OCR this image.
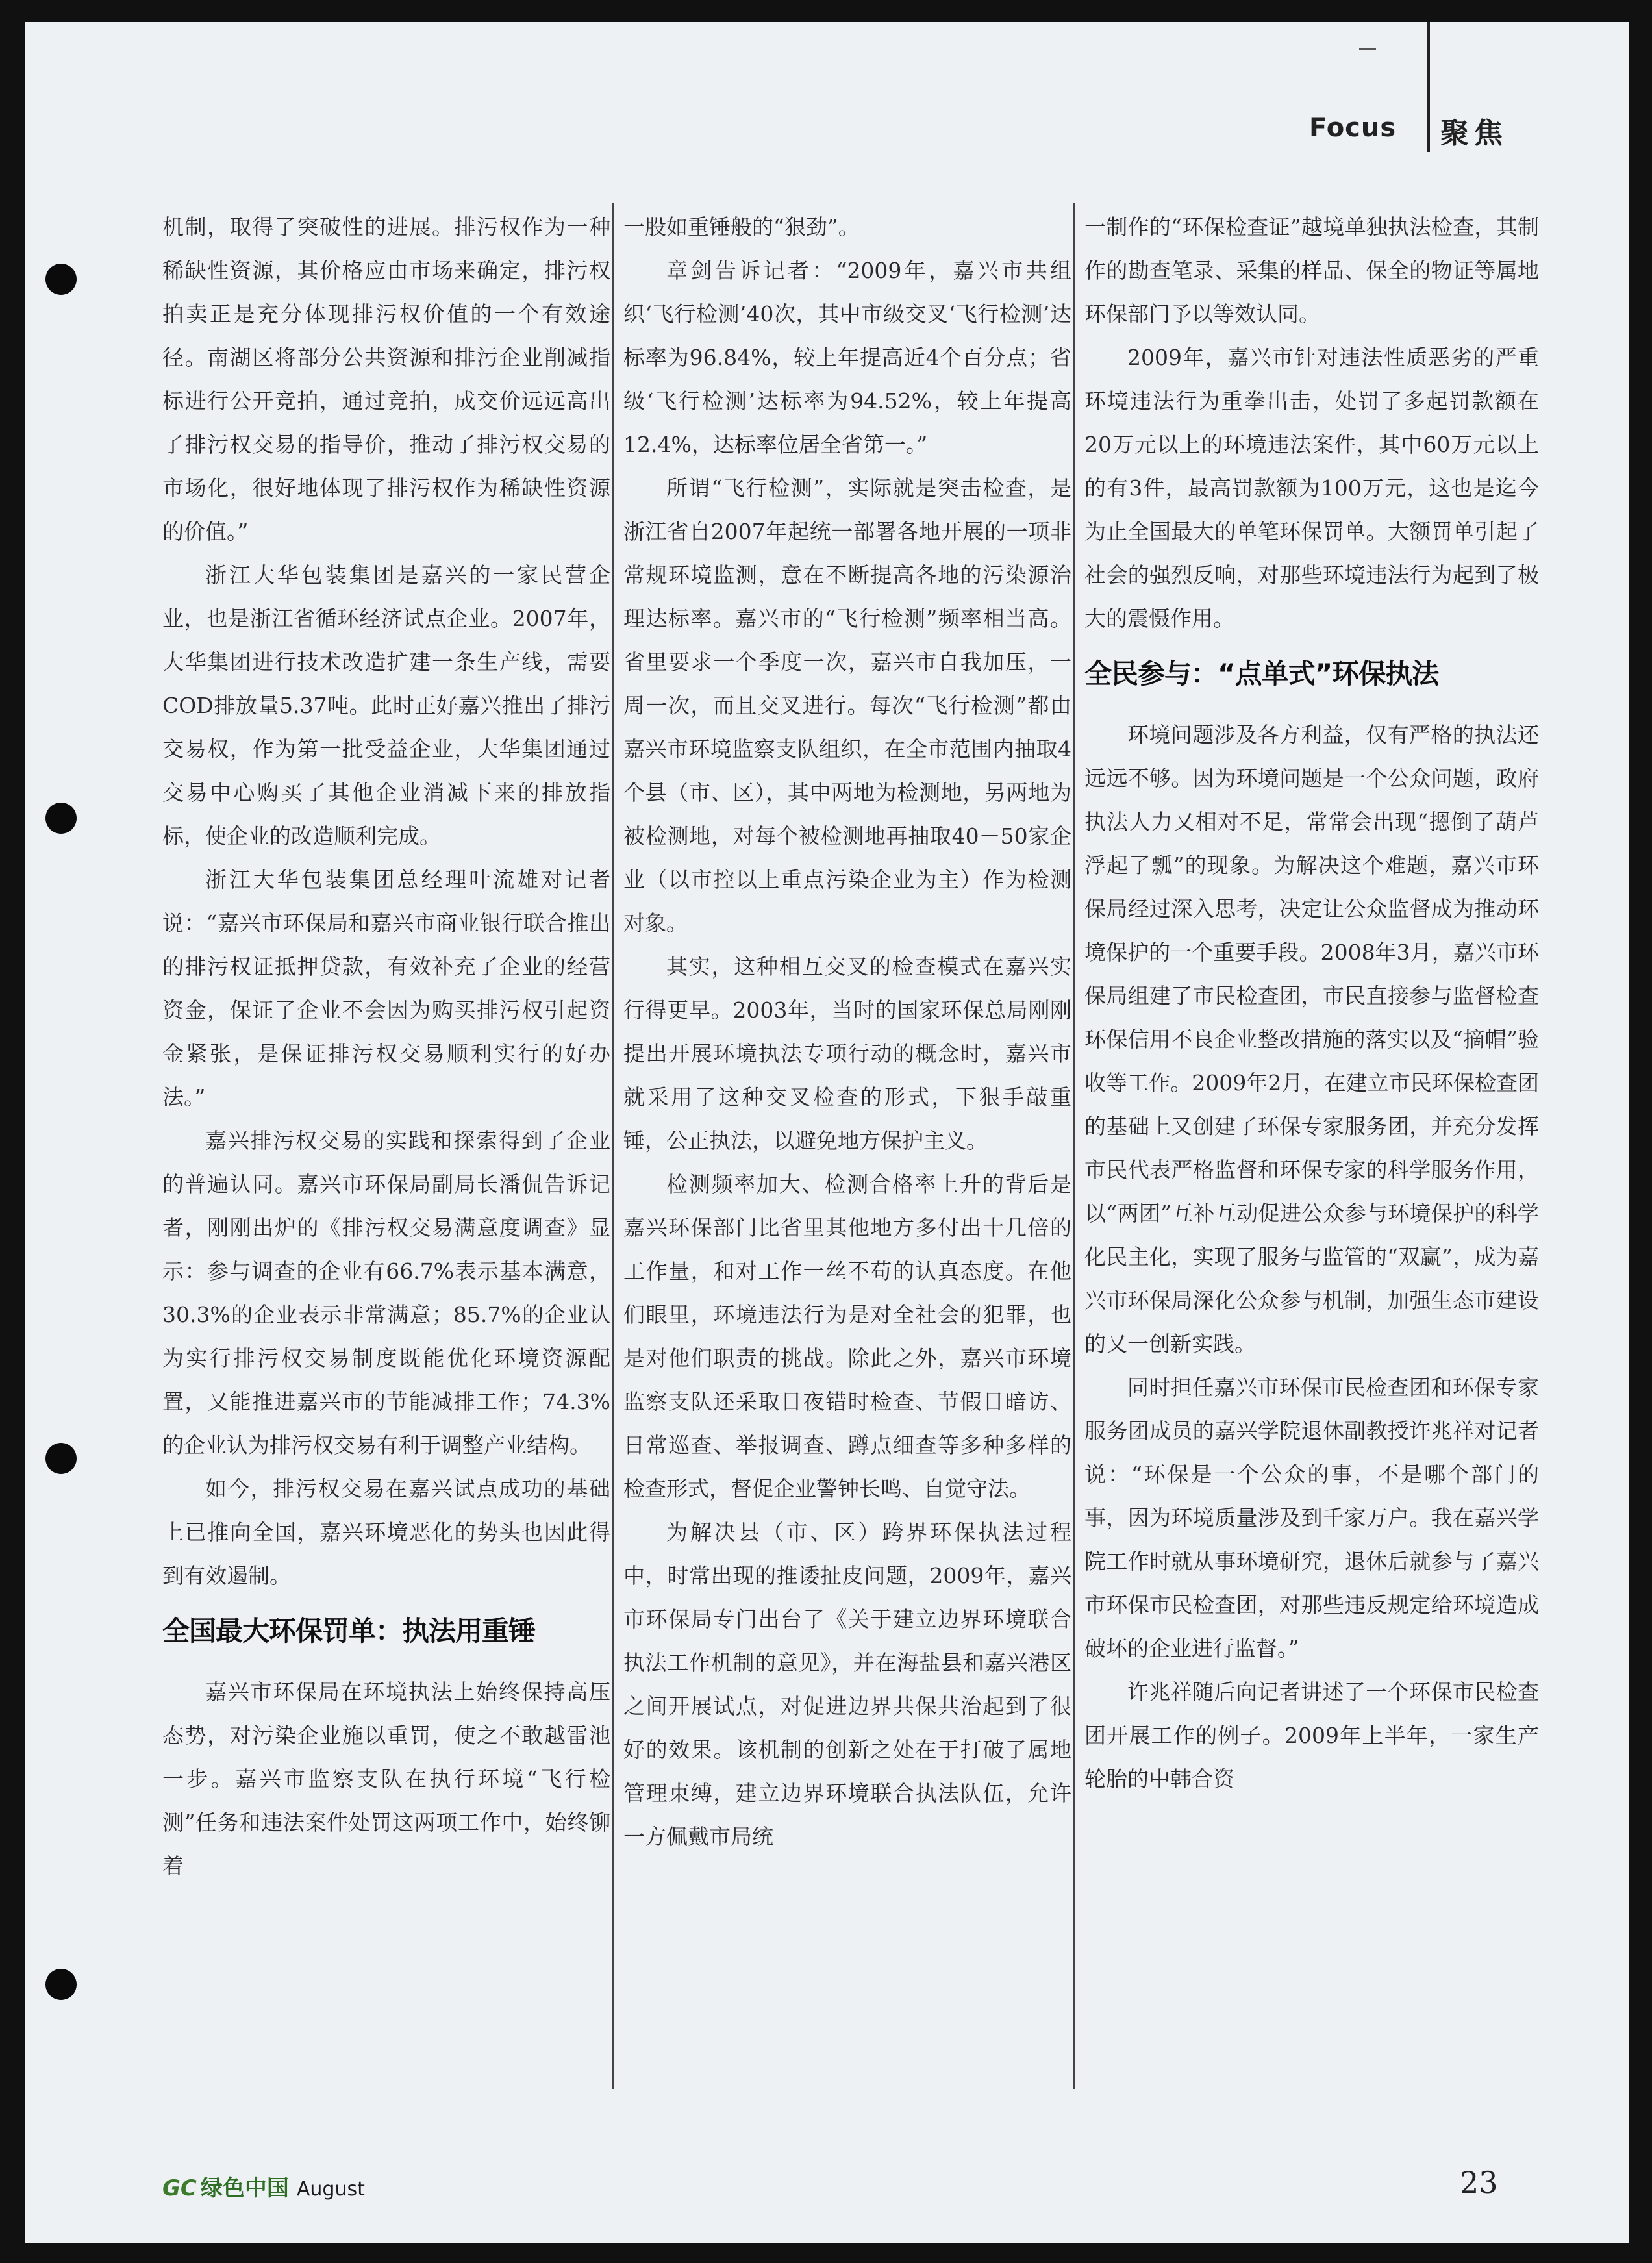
Focus 聚焦

机制，取得了突破性的进展。排污权作为一种稀缺性资源，其价格应由市场来确定，排污权拍卖正是充分体现排污权价值的一个有效途径。南湖区将部分公共资源和排污企业削减指标进行公开竞拍，通过竞拍，成交价远远高出了排污权交易的指导价，推动了排污权交易的市场化，很好地体现了排污权作为稀缺性资源的价值。”

浙江大华包装集团是嘉兴的一家民营企业，也是浙江省循环经济试点企业。2007年，大华集团进行技术改造扩建一条生产线，需要COD排放量5.37吨。此时正好嘉兴推出了排污交易权，作为第一批受益企业，大华集团通过交易中心购买了其他企业消减下来的排放指标，使企业的改造顺利完成。

浙江大华包装集团总经理叶流雄对记者说：“嘉兴市环保局和嘉兴市商业银行联合推出的排污权证抵押贷款，有效补充了企业的经营资金，保证了企业不会因为购买排污权引起资金紧张，是保证排污权交易顺利实行的好办法。”

嘉兴排污权交易的实践和探索得到了企业的普遍认同。嘉兴市环保局副局长潘侃告诉记者，刚刚出炉的《排污权交易满意度调查》显示：参与调查的企业有66.7%表示基本满意，30.3%的企业表示非常满意；85.7%的企业认为实行排污权交易制度既能优化环境资源配置，又能推进嘉兴市的节能减排工作；74.3%的企业认为排污权交易有利于调整产业结构。

如今，排污权交易在嘉兴试点成功的基础上已推向全国，嘉兴环境恶化的势头也因此得到有效遏制。

全国最大环保罚单：执法用重锤

嘉兴市环保局在环境执法上始终保持高压态势，对污染企业施以重罚，使之不敢越雷池一步。嘉兴市监察支队在执行环境“飞行检测”任务和违法案件处罚这两项工作中，始终铆着

一股如重锤般的“狠劲”。

章剑告诉记者：“2009年，嘉兴市共组织‘飞行检测’40次，其中市级交叉‘飞行检测’达标率为96.84%，较上年提高近4个百分点；省级‘飞行检测’达标率为94.52%，较上年提高12.4%，达标率位居全省第一。”

所谓“飞行检测”，实际就是突击检查，是浙江省自2007年起统一部署各地开展的一项非常规环境监测，意在不断提高各地的污染源治理达标率。嘉兴市的“飞行检测”频率相当高。省里要求一个季度一次，嘉兴市自我加压，一周一次，而且交叉进行。每次“飞行检测”都由嘉兴市环境监察支队组织，在全市范围内抽取4个县（市、区），其中两地为检测地，另两地为被检测地，对每个被检测地再抽取40－50家企业（以市控以上重点污染企业为主）作为检测对象。

其实，这种相互交叉的检查模式在嘉兴实行得更早。2003年，当时的国家环保总局刚刚提出开展环境执法专项行动的概念时，嘉兴市就采用了这种交叉检查的形式，下狠手敲重锤，公正执法，以避免地方保护主义。

检测频率加大、检测合格率上升的背后是嘉兴环保部门比省里其他地方多付出十几倍的工作量，和对工作一丝不苟的认真态度。在他们眼里，环境违法行为是对全社会的犯罪，也是对他们职责的挑战。除此之外，嘉兴市环境监察支队还采取日夜错时检查、节假日暗访、日常巡查、举报调查、蹲点细查等多种多样的检查形式，督促企业警钟长鸣、自觉守法。

为解决县（市、区）跨界环保执法过程中，时常出现的推诿扯皮问题，2009年，嘉兴市环保局专门出台了《关于建立边界环境联合执法工作机制的意见》，并在海盐县和嘉兴港区之间开展试点，对促进边界共保共治起到了很好的效果。该机制的创新之处在于打破了属地管理束缚，建立边界环境联合执法队伍，允许一方佩戴市局统

一制作的“环保检查证”越境单独执法检查，其制作的勘查笔录、采集的样品、保全的物证等属地环保部门予以等效认同。

2009年，嘉兴市针对违法性质恶劣的严重环境违法行为重拳出击，处罚了多起罚款额在20万元以上的环境违法案件，其中60万元以上的有3件，最高罚款额为100万元，这也是迄今为止全国最大的单笔环保罚单。大额罚单引起了社会的强烈反响，对那些环境违法行为起到了极大的震慑作用。

全民参与：“点单式”环保执法

环境问题涉及各方利益，仅有严格的执法还远远不够。因为环境问题是一个公众问题，政府执法人力又相对不足，常常会出现“摁倒了葫芦浮起了瓢”的现象。为解决这个难题，嘉兴市环保局经过深入思考，决定让公众监督成为推动环境保护的一个重要手段。2008年3月，嘉兴市环保局组建了市民检查团，市民直接参与监督检查环保信用不良企业整改措施的落实以及“摘帽”验收等工作。2009年2月，在建立市民环保检查团的基础上又创建了环保专家服务团，并充分发挥市民代表严格监督和环保专家的科学服务作用，以“两团”互补互动促进公众参与环境保护的科学化民主化，实现了服务与监管的“双赢”，成为嘉兴市环保局深化公众参与机制，加强生态市建设的又一创新实践。

同时担任嘉兴市环保市民检查团和环保专家服务团成员的嘉兴学院退休副教授许兆祥对记者说：“环保是一个公众的事，不是哪个部门的事，因为环境质量涉及到千家万户。我在嘉兴学院工作时就从事环境研究，退休后就参与了嘉兴市环保市民检查团，对那些违反规定给环境造成破坏的企业进行监督。”

许兆祥随后向记者讲述了一个环保市民检查团开展工作的例子。2009年上半年，一家生产轮胎的中韩合资

GC 绿色中国 August	23
